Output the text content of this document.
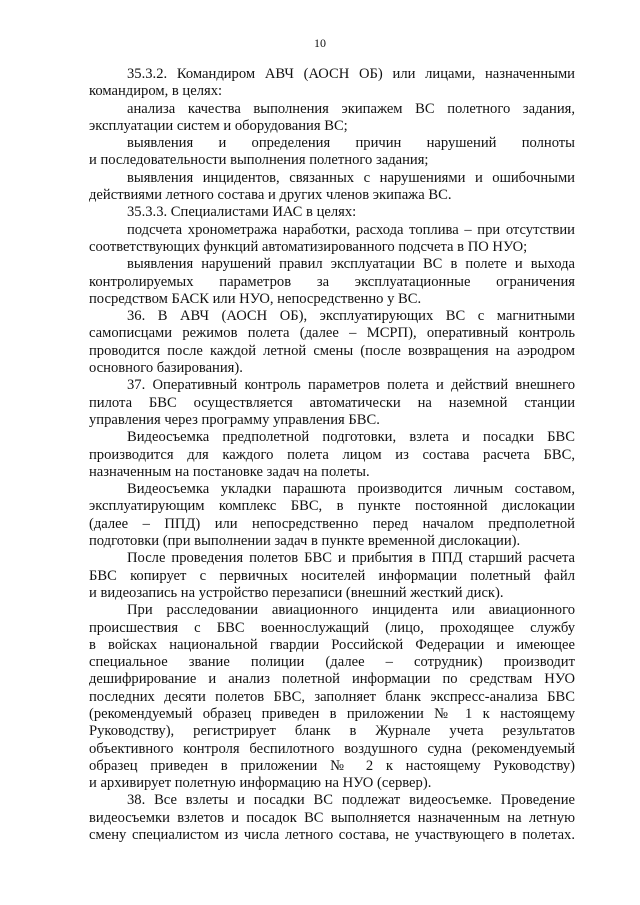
10
35.3.2. Командиром АВЧ (АОСН ОБ) или лицами, назначенными
командиром, в целях:
анализа качества выполнения экипажем ВС полетного задания,
эксплуатации систем и оборудования ВС;
выявления и определения причин нарушений полноты
и последовательности выполнения полетного задания;
выявления инцидентов, связанных с нарушениями и ошибочными
действиями летного состава и других членов экипажа ВС.
35.3.3. Специалистами ИАС в целях:
подсчета хронометража наработки, расхода топлива – при отсутствии
соответствующих функций автоматизированного подсчета в ПО НУО;
выявления нарушений правил эксплуатации ВС в полете и выхода
контролируемых параметров за эксплуатационные ограничения
посредством БАСК или НУО, непосредственно у ВС.
36. В АВЧ (АОСН ОБ), эксплуатирующих ВС с магнитными
самописцами режимов полета (далее – МСРП), оперативный контроль
проводится после каждой летной смены (после возвращения на аэродром
основного базирования).
37. Оперативный контроль параметров полета и действий внешнего
пилота БВС осуществляется автоматически на наземной станции
управления через программу управления БВС.
Видеосъемка предполетной подготовки, взлета и посадки БВС
производится для каждого полета лицом из состава расчета БВС,
назначенным на постановке задач на полеты.
Видеосъемка укладки парашюта производится личным составом,
эксплуатирующим комплекс БВС, в пункте постоянной дислокации
(далее – ППД) или непосредственно перед началом предполетной
подготовки (при выполнении задач в пункте временной дислокации).
После проведения полетов БВС и прибытия в ППД старший расчета
БВС копирует с первичных носителей информации полетный файл
и видеозапись на устройство перезаписи (внешний жесткий диск).
При расследовании авиационного инцидента или авиационного
происшествия с БВС военнослужащий (лицо, проходящее службу
в войсках национальной гвардии Российской Федерации и имеющее
специальное звание полиции (далее – сотрудник) производит
дешифрирование и анализ полетной информации по средствам НУО
последних десяти полетов БВС, заполняет бланк экспресс-анализа БВС
(рекомендуемый образец приведен в приложении № 1 к настоящему
Руководству), регистрирует бланк в Журнале учета результатов
объективного контроля беспилотного воздушного судна (рекомендуемый
образец приведен в приложении № 2 к настоящему Руководству)
и архивирует полетную информацию на НУО (сервер).
38. Все взлеты и посадки ВС подлежат видеосъемке. Проведение
видеосъемки взлетов и посадок ВС выполняется назначенным на летную
смену специалистом из числа летного состава, не участвующего в полетах.
